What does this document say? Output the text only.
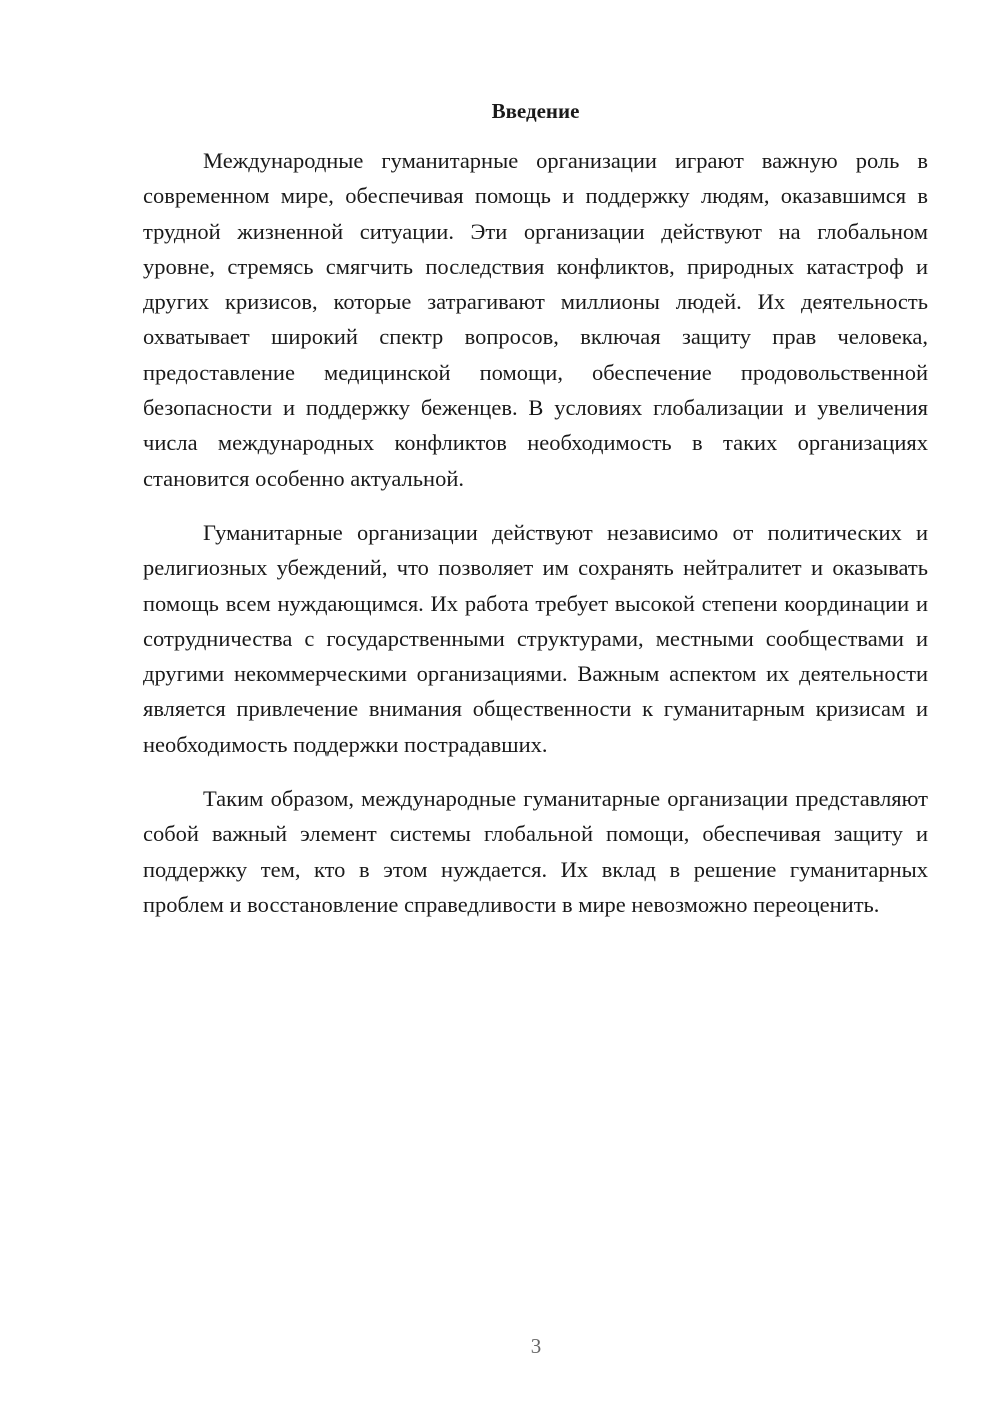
Введение

Международные гуманитарные организации играют важную роль в современном мире, обеспечивая помощь и поддержку людям, оказавшимся в трудной жизненной ситуации. Эти организации действуют на глобальном уровне, стремясь смягчить последствия конфликтов, природных катастроф и других кризисов, которые затрагивают миллионы людей. Их деятельность охватывает широкий спектр вопросов, включая защиту прав человека, предоставление медицинской помощи, обеспечение продовольственной безопасности и поддержку беженцев. В условиях глобализации и увеличения числа международных конфликтов необходимость в таких организациях становится особенно актуальной.

Гуманитарные организации действуют независимо от политических и религиозных убеждений, что позволяет им сохранять нейтралитет и оказывать помощь всем нуждающимся. Их работа требует высокой степени координации и сотрудничества с государственными структурами, местными сообществами и другими некоммерческими организациями. Важным аспектом их деятельности является привлечение внимания общественности к гуманитарным кризисам и необходимость поддержки пострадавших.

Таким образом, международные гуманитарные организации представляют собой важный элемент системы глобальной помощи, обеспечивая защиту и поддержку тем, кто в этом нуждается. Их вклад в решение гуманитарных проблем и восстановление справедливости в мире невозможно переоценить.

3
